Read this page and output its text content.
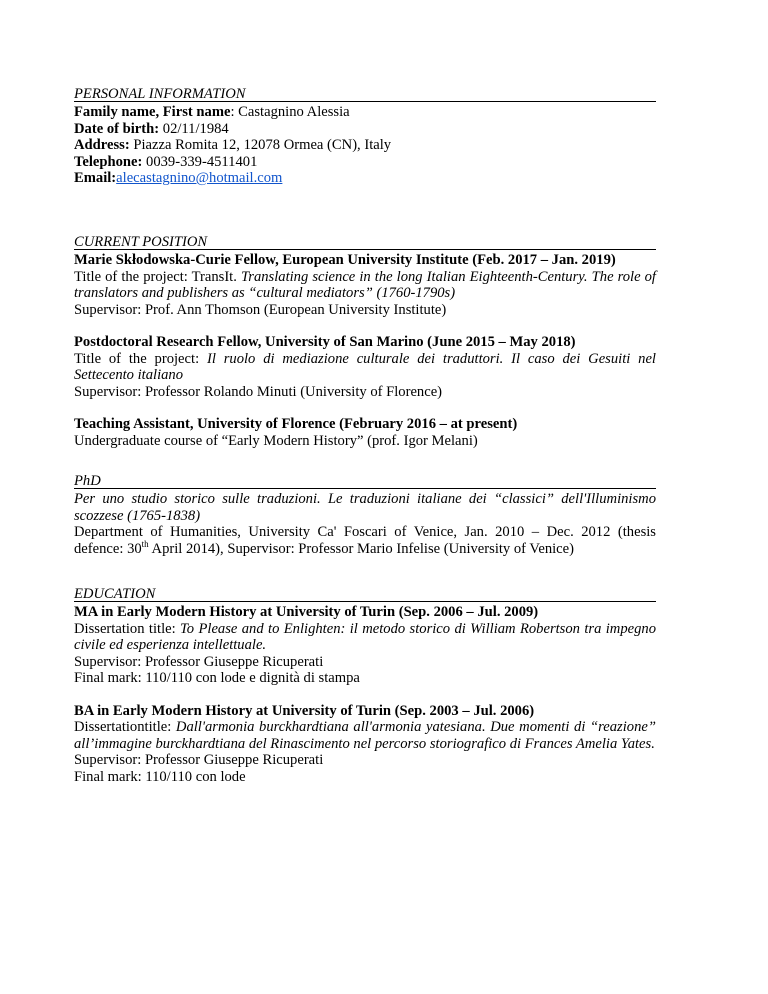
PERSONAL INFORMATION
Family name, First name: Castagnino Alessia
Date of birth: 02/11/1984
Address: Piazza Romita 12, 12078 Ormea (CN), Italy
Telephone: 0039-339-4511401
Email:alecastagnino@hotmail.com
CURRENT POSITION
Marie Skłodowska-Curie Fellow, European University Institute (Feb. 2017 – Jan. 2019)
Title of the project: TransIt. Translating science in the long Italian Eighteenth-Century. The role of translators and publishers as “cultural mediators” (1760-1790s)
Supervisor: Prof. Ann Thomson (European University Institute)
Postdoctoral Research Fellow, University of San Marino (June 2015 – May 2018)
Title of the project: Il ruolo di mediazione culturale dei traduttori. Il caso dei Gesuiti nel Settecento italiano
Supervisor: Professor Rolando Minuti (University of Florence)
Teaching Assistant, University of Florence (February 2016 – at present)
Undergraduate course of “Early Modern History” (prof. Igor Melani)
PhD
Per uno studio storico sulle traduzioni. Le traduzioni italiane dei “classici” dell'Illuminismo scozzese (1765-1838)
Department of Humanities, University Ca' Foscari of Venice, Jan. 2010 – Dec. 2012 (thesis defence: 30th April 2014), Supervisor: Professor Mario Infelise (University of Venice)
EDUCATION
MA in Early Modern History at University of Turin (Sep. 2006 – Jul. 2009)
Dissertation title: To Please and to Enlighten: il metodo storico di William Robertson tra impegno civile ed esperienza intellettuale.
Supervisor: Professor Giuseppe Ricuperati
Final mark: 110/110 con lode e dignità di stampa
BA in Early Modern History at University of Turin (Sep. 2003 – Jul. 2006)
Dissertationtitle: Dall'armonia burckhardtiana all'armonia yatesiana. Due momenti di “reazione” all’immagine burckhardtiana del Rinascimento nel percorso storiografico di Frances Amelia Yates.
Supervisor: Professor Giuseppe Ricuperati
Final mark: 110/110 con lode
